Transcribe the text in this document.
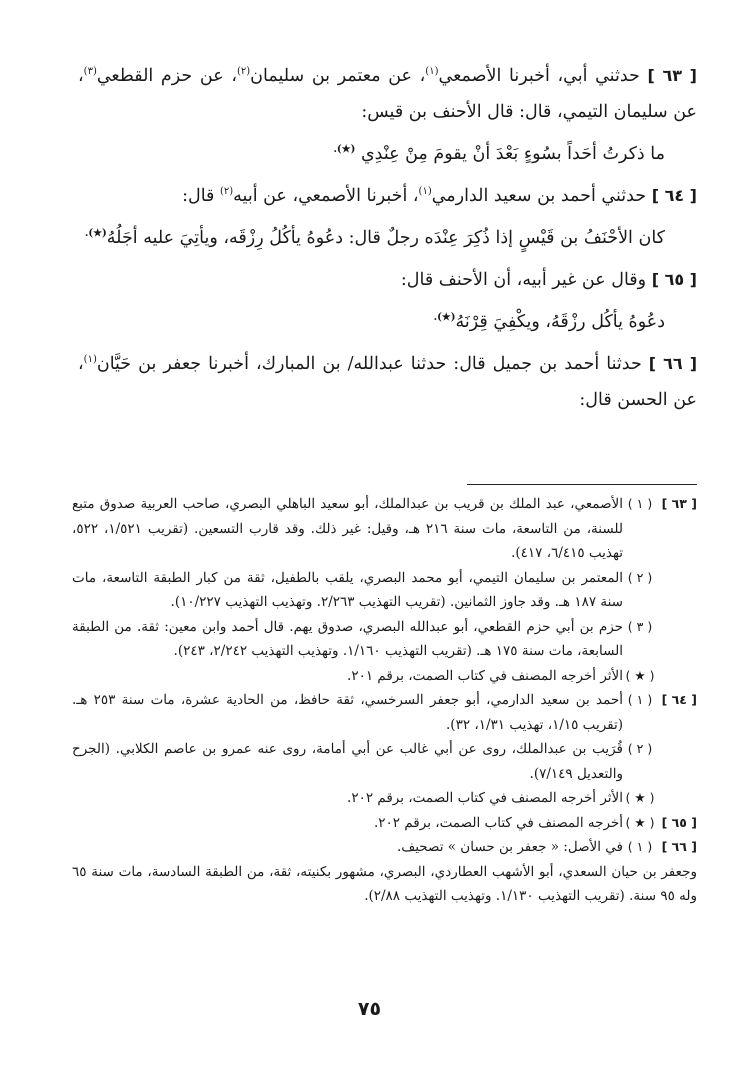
[ ٦٣ ] حدثني أبي، أخبرنا الأصمعي$^{(١)}$، عن معتمر بن سليمان$^{(٢)}$، عن حزم القطعي$^{(٣)}$، عن سليمان التيمي، قال: قال الأحنف بن قيس:

ما ذكرتُ أحَداً بسُوءٍ بَعْدَ أنْ يقومَ مِنْ عِنْدِي (★).

[ ٦٤ ] حدثني أحمد بن سعيد الدارمي$^{(١)}$، أخبرنا الأصمعي، عن أبيه$^{(٢)}$ قال:

كان الأحْنَفُ بن قَيْسٍ إذا ذُكِرَ عِنْدَه رجلٌ قال: دعُوهُ يأكُلُ رِزْقَه، ويأتِيَ عليه أجَلُهُ(★).

[ ٦٥ ] وقال عن غير أبيه، أن الأحنف قال:

دعُوهُ يأكُل رزْقَهُ، ويكْفِيَ قِرْنَهُ(★).

[ ٦٦ ] حدثنا أحمد بن جميل قال: حدثنا عبدالله/ بن المبارك، أخبرنا جعفر بن حَيَّان$^{(١)}$، عن الحسن قال:

[ ٦٣ ]
( ١ )
الأصمعي، عبد الملك بن قريب بن عبدالملك، أبو سعيد الباهلي البصري، صاحب العربية صدوق متبع للسنة، من التاسعة، مات سنة ٢١٦ هـ، وقيل: غير ذلك. وقد قارب التسعين. (تقريب ١/٥٢١، ٥٢٢، تهذيب ٦/٤١٥، ٤١٧).
( ٢ )
المعتمر بن سليمان التيمي، أبو محمد البصري، يلقب بالطفيل، ثقة من كبار الطبقة التاسعة، مات سنة ١٨٧ هـ. وقد جاوز الثمانين. (تقريب التهذيب ٢/٢٦٣. وتهذيب التهذيب ١٠/٢٢٧).
( ٣ )
حزم بن أبي حزم القطعي، أبو عبدالله البصري، صدوق يهم. قال أحمد وابن معين: ثقة. من الطبقة السابعة، مات سنة ١٧٥ هـ. (تقريب التهذيب ١/١٦٠. وتهذيب التهذيب ٢/٢٤٢، ٢٤٣).
( ★ )
الأثر أخرجه المصنف في كتاب الصمت، برقم ٢٠١.
[ ٦٤ ]
( ١ )
أحمد بن سعيد الدارمي، أبو جعفر السرخسي، ثقة حافظ، من الحادية عشرة، مات سنة ٢٥٣ هـ. (تقريب ١/١٥، تهذيب ١/٣١، ٣٢).
( ٢ )
قُرَيب بن عبدالملك، روى عن أبي غالب عن أبي أمامة، روى عنه عمرو بن عاصم الكلابي. (الجرح والتعديل ٧/١٤٩).
( ★ )
الأثر أخرجه المصنف في كتاب الصمت، برقم ٢٠٢.
[ ٦٥ ]
( ★ )
أخرجه المصنف في كتاب الصمت، برقم ٢٠٢.
[ ٦٦ ]
( ١ )
في الأصل: « جعفر بن حسان » تصحيف.
وجعفر بن حيان السعدي، أبو الأشهب العطاردي، البصري، مشهور بكنيته، ثقة، من الطبقة السادسة، مات سنة ٦٥ وله ٩٥ سنة. (تقريب التهذيب ١/١٣٠. وتهذيب التهذيب ٢/٨٨).
٧٥
